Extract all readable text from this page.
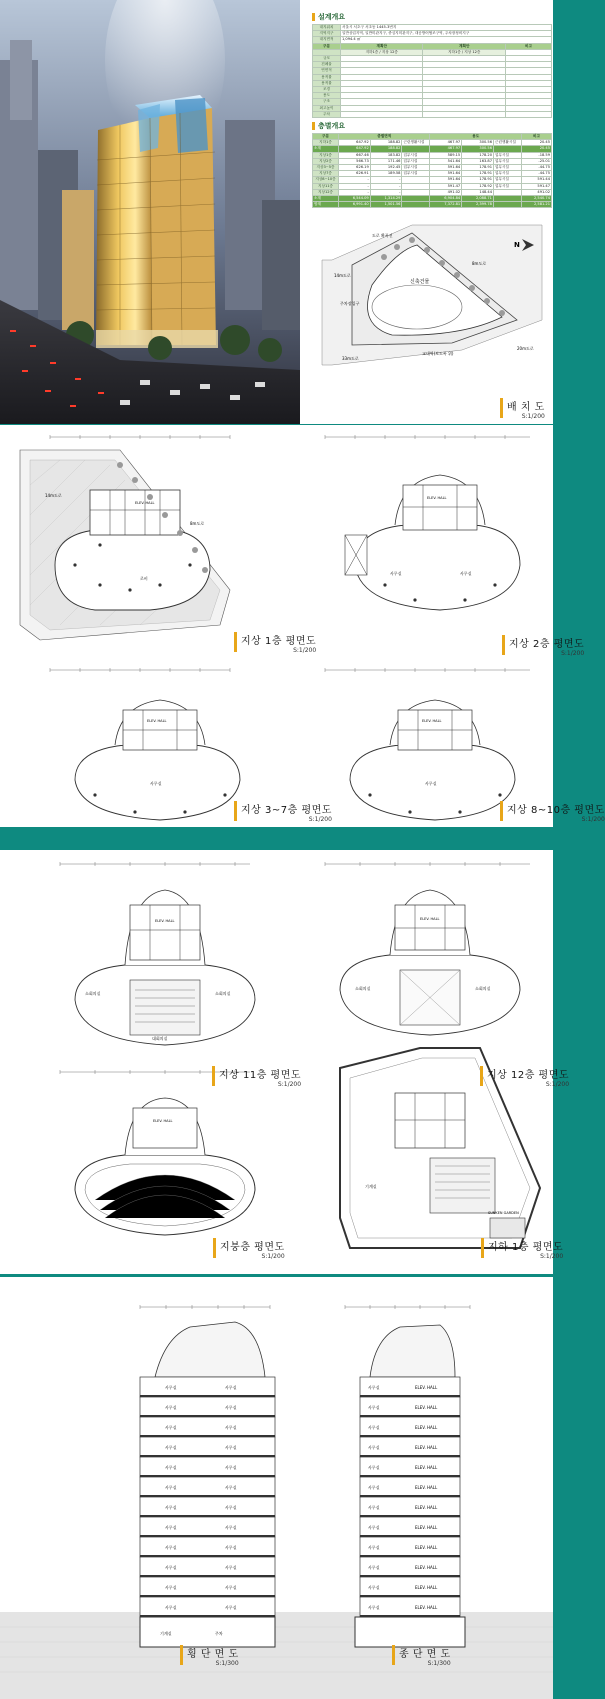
설계개요
대지위치	서울시 서초구 서초동 1445-3번지		
지역지구	일반상업지역, 일반미관지구, 중심지미관지구, 대공방어협조구역, 주차장정비지구		
대지면적	1,094.4 ㎡		
구분	계획안	계획안	비고
	지하1층 / 지상 12층	지하1층 / 지상 12층	
규모			
건폐율			
연면적			
용적률			
용적률			
조경			
용도			
구조			
최고높이			
주차			
층별개요
구분	층별면적			용도			비고
지하1층	647.92	188.82	근린생활시설	467.97	300.56	근린생활시설	20.45
소계	647.92	188.82		467.97	300.56		20.45
지상1층	667.46	183.82	업무시설	589.15	178.20	업무시설	-18.59
지상2층	566.73	171.46	업무시설	541.64	163.87	업무시설	-25.01
지상3~5층	626.19	192.45	업무시설	591.64	178.91	업무시설	-44.75
지상7층	626.91	189.58	업무시설	591.64	178.91	업무시설	-44.75
지상8~10층	-	-		591.64	178.91	업무시설	591.44
지상11층	-	-		591.47	178.92	업무시설	591.47
지상12층	-	-		491.02	148.44		491.02
소계	6,544.09	1,314.29		6,904.84	2,088.71		2,540.74
합계	6,991.40	1,501.56		7,372.81	2,399.78		2,581.21
신축건물
도로 확폭선
14m도로
8m도로
주차장입구
33m도로
20m도로
교대역(보도폭 위)
N
배 치 도
S:1/200
14m도로
8m도로
ELEV. HALL
로비
ELEV. HALL
사무실	사무실
ELEV. HALL
사무실
ELEV. HALL
사무실
지상 1층 평면도
S:1/200
지상 2층 평면도
S:1/200
지상 3~7층 평면도
S:1/200
지상 8~10층 평면도
S:1/200
ELEV. HALL
소회의실	소회의실
대회의실
ELEV. HALL
소회의실	소회의실
ELEV. HALL
기계실
SUNKEN GARDEN
지상 11층 평면도
S:1/200
지상 12층 평면도
S:1/200
지붕층 평면도
S:1/200
지하 1층 평면도
S:1/200
사무실	사무실
사무실	사무실
사무실	사무실
사무실	사무실
사무실	사무실
사무실	사무실
사무실	사무실
사무실	사무실
사무실	사무실
사무실	사무실
사무실	사무실
사무실	사무실
기계실	주차
사무실	ELEV. HALL
사무실	ELEV. HALL
사무실	ELEV. HALL
사무실	ELEV. HALL
사무실	ELEV. HALL
사무실	ELEV. HALL
사무실	ELEV. HALL
사무실	ELEV. HALL
사무실	ELEV. HALL
사무실	ELEV. HALL
사무실	ELEV. HALL
사무실	ELEV. HALL
횡 단 면 도
S:1/300
종 단 면 도
S:1/300
